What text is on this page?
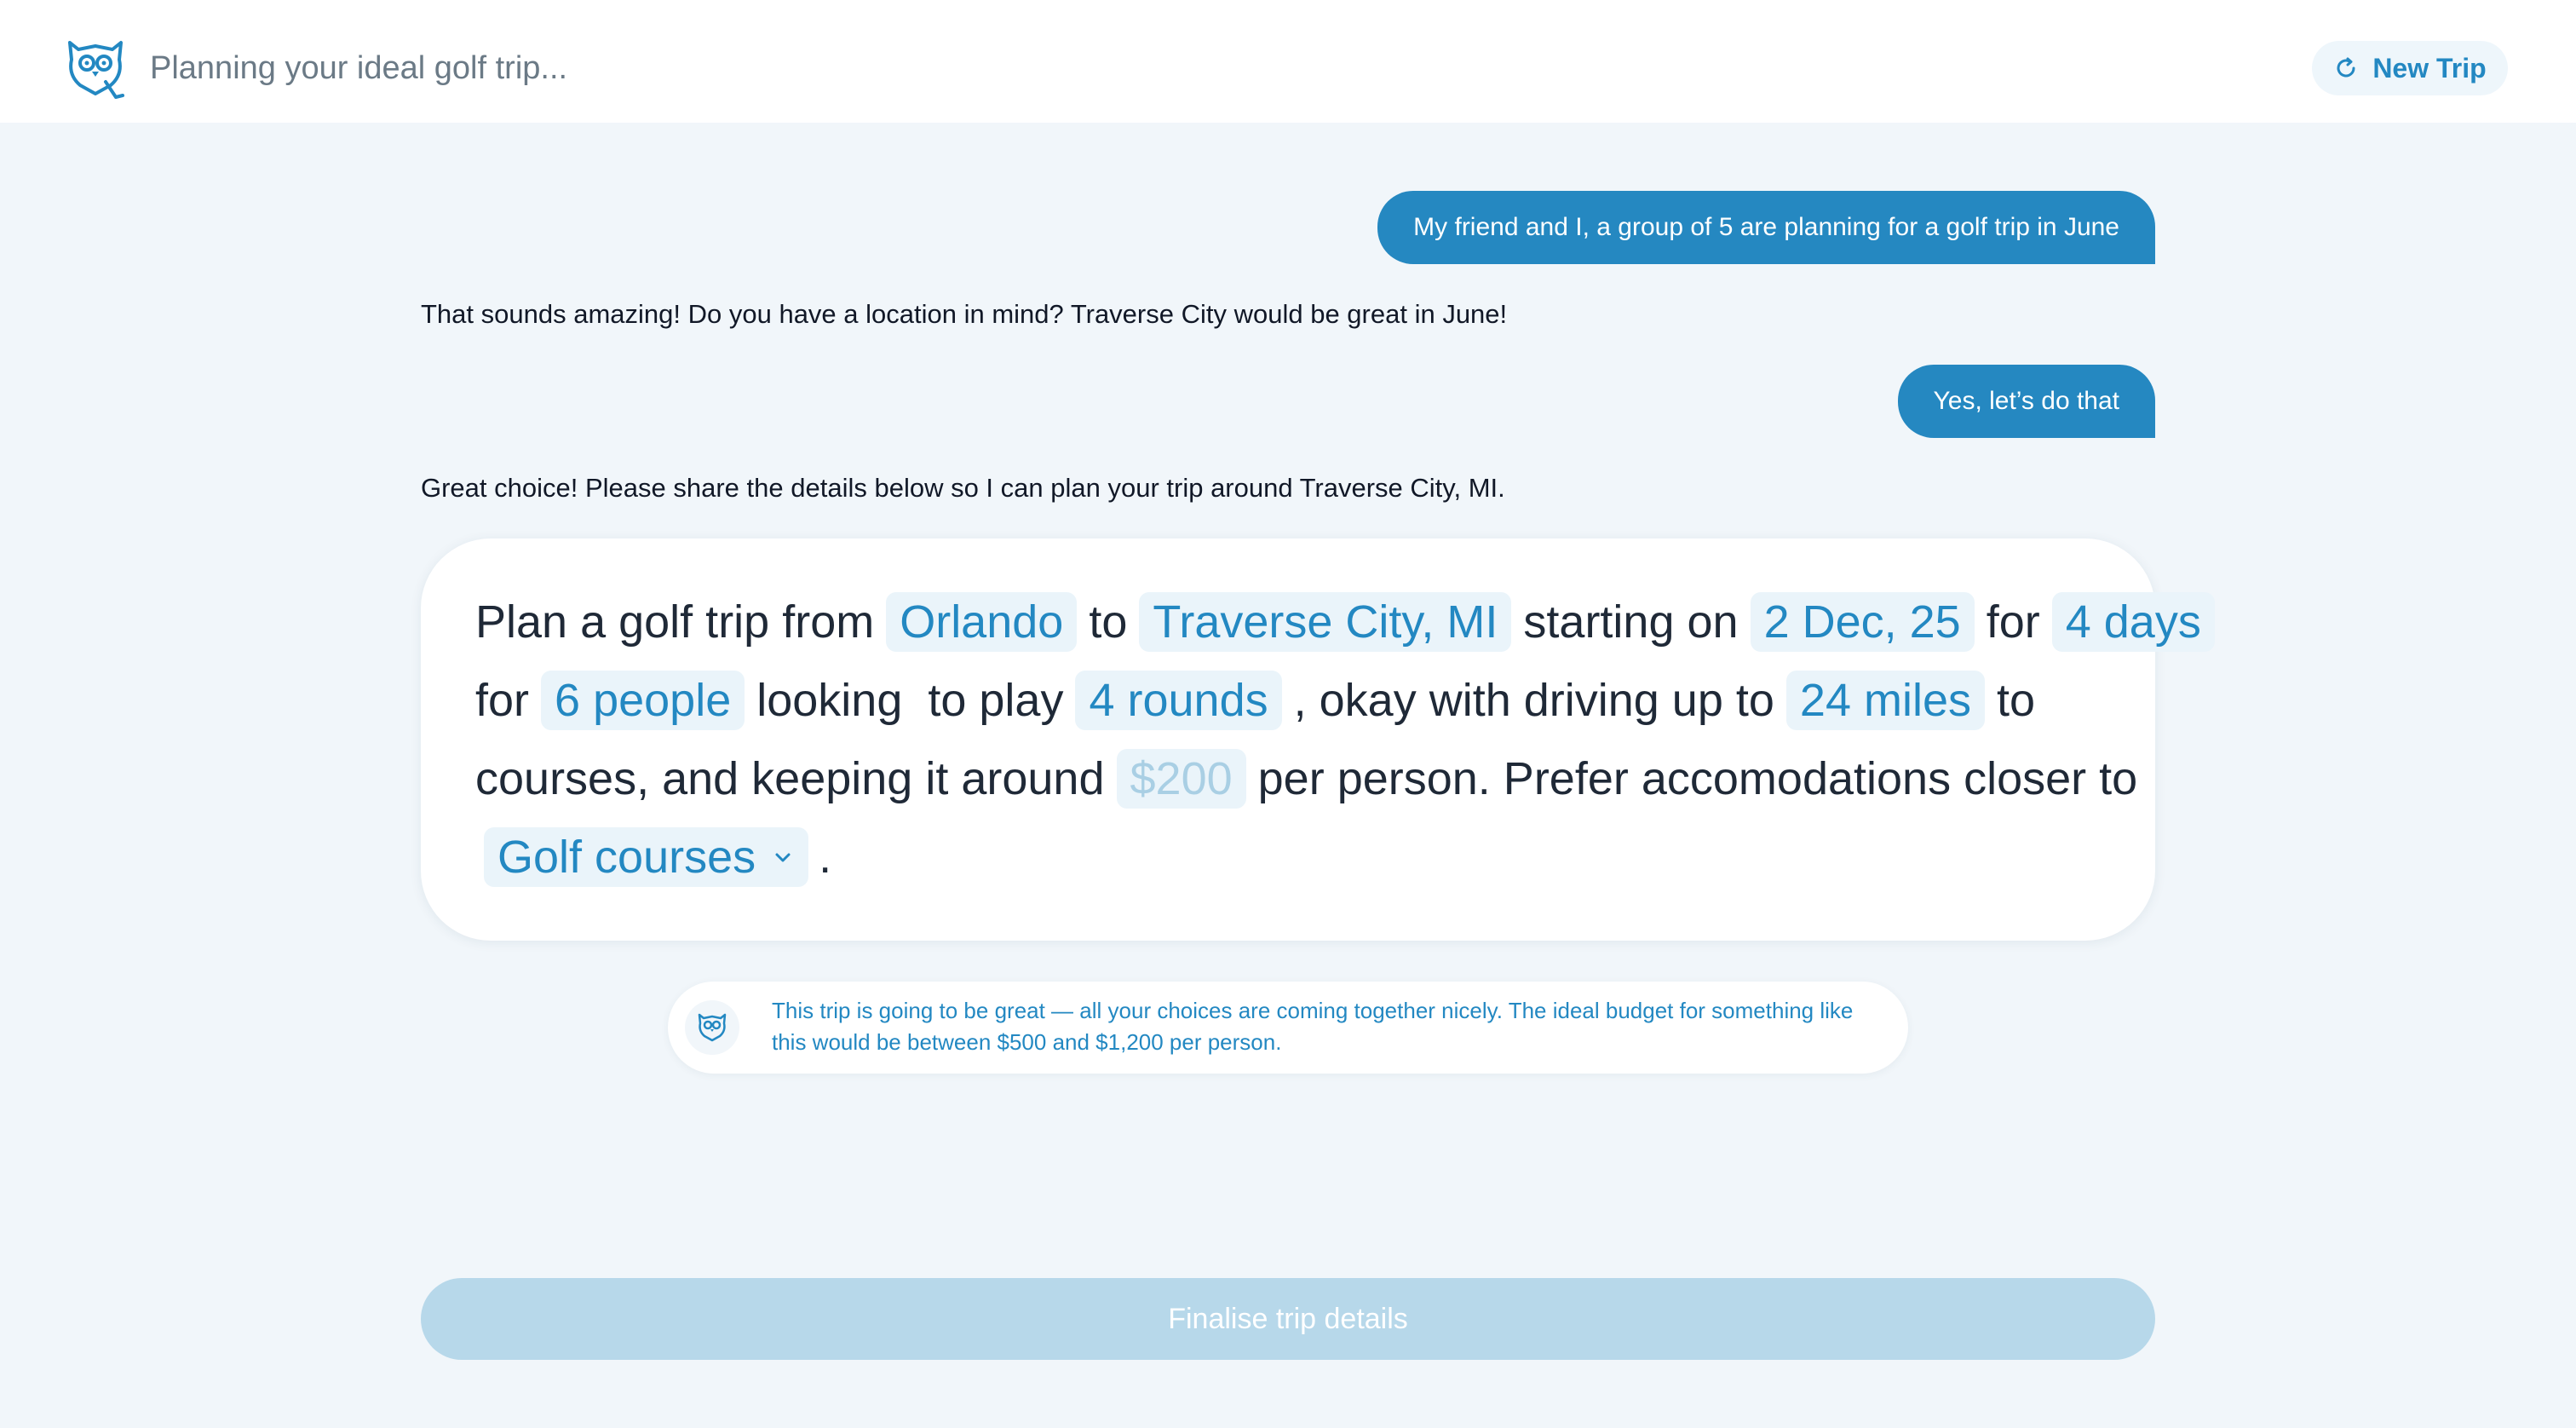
Planning your ideal golf trip...	New Trip
My friend and I, a group of 5 are planning for a golf trip in June
That sounds amazing! Do you have a location in mind? Traverse City would be great in June!
Yes, let’s do that
Great choice! Please share the details below so I can plan your trip around Traverse City, MI.
Plan a golf trip from Orlando to Traverse City, MI starting on 2 Dec, 25 for 4 days
for 6 people looking  to play 4 rounds , okay with driving up to 24 miles to
courses, and keeping it around $200 per person. Prefer accomodations closer to
Golf courses .
This trip is going to be great — all your choices are coming together nicely. The ideal budget for something like this would be between $500 and $1,200 per person.
Finalise trip details
